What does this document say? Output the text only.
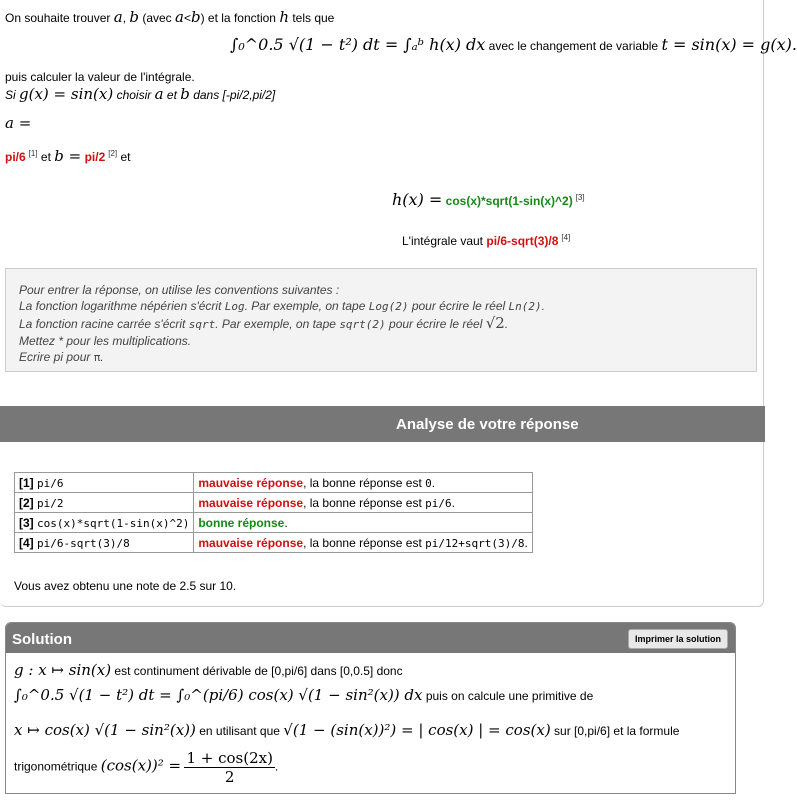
On souhaite trouver a, b (avec a<b) et la fonction h tels que
∫₀^0.5 √(1 − t²) dt = ∫ₐᵇ h(x) dx avec le changement de variable t = sin(x) = g(x).
puis calculer la valeur de l'intégrale.
Si g(x) = sin(x) choisir a et b dans [-pi/2,pi/2]
a =
pi/6 [1] et b = pi/2 [2] et
h(x) = cos(x)*sqrt(1-sin(x)^2) [3]
L'intégrale vaut pi/6-sqrt(3)/8 [4]
Pour entrer la réponse, on utilise les conventions suivantes :
La fonction logarithme népérien s'écrit Log. Par exemple, on tape Log(2) pour écrire le réel Ln(2).
La fonction racine carrée s'écrit sqrt. Par exemple, on tape sqrt(2) pour écrire le réel √2.
Mettez * pour les multiplications.
Ecrire pi pour π.
Analyse de votre réponse
[1] pi/6	mauvaise réponse, la bonne réponse est 0.
[2] pi/2	mauvaise réponse, la bonne réponse est pi/6.
[3] cos(x)*sqrt(1-sin(x)^2)	bonne réponse.
[4] pi/6-sqrt(3)/8	mauvaise réponse, la bonne réponse est pi/12+sqrt(3)/8.
Vous avez obtenu une note de 2.5 sur 10.
Solution	Imprimer la solution
g : x ↦ sin(x) est continument dérivable de [0,pi/6] dans [0,0.5] donc
∫₀^0.5 √(1 − t²) dt = ∫₀^(pi/6) cos(x) √(1 − sin²(x)) dx puis on calcule une primitive de
x ↦ cos(x) √(1 − sin²(x)) en utilisant que √(1 − (sin(x))²) = | cos(x) | = cos(x) sur [0,pi/6] et la formule
trigonométrique $(\cos(x))^2 = \frac{1 + \cos(2x)}{2}$ .
